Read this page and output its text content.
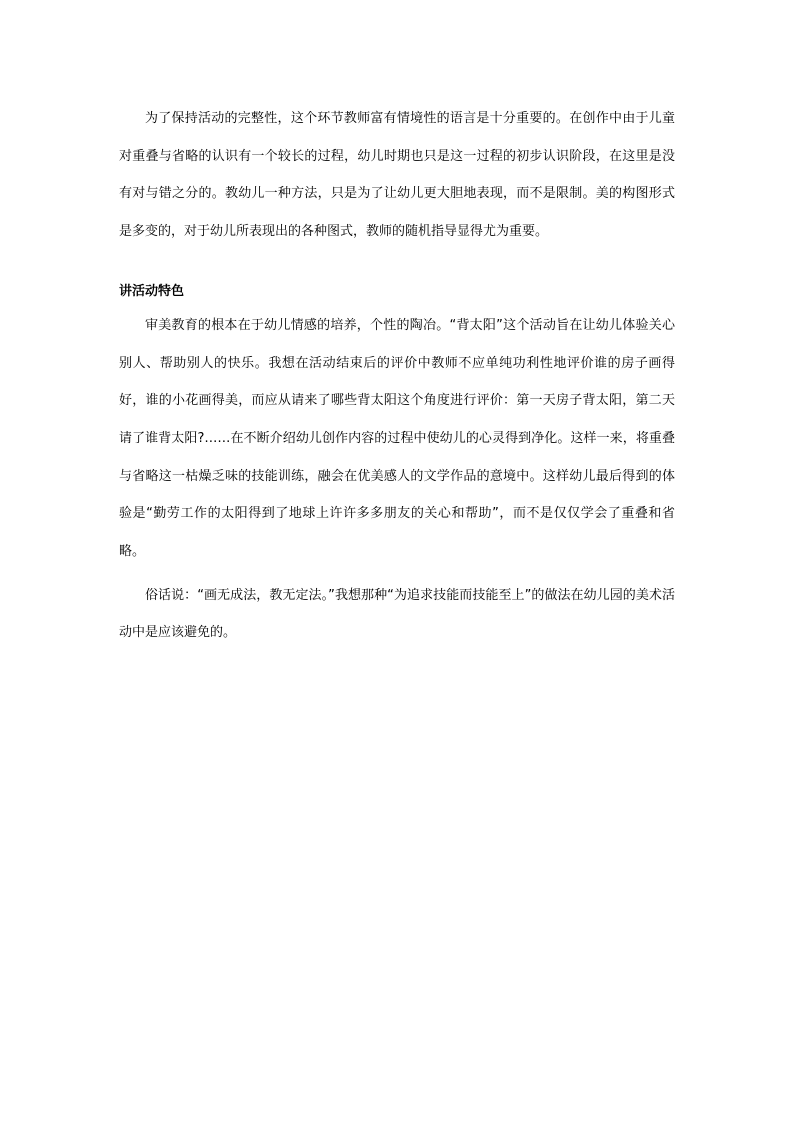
为了保持活动的完整性，这个环节教师富有情境性的语言是十分重要的。在创作中由于儿童对重叠与省略的认识有一个较长的过程，幼儿时期也只是这一过程的初步认识阶段，在这里是没有对与错之分的。教幼儿一种方法，只是为了让幼儿更大胆地表现，而不是限制。美的构图形式是多变的，对于幼儿所表现出的各种图式，教师的随机指导显得尤为重要。

讲活动特色

审美教育的根本在于幼儿情感的培养，个性的陶冶。“背太阳”这个活动旨在让幼儿体验关心别人、帮助别人的快乐。我想在活动结束后的评价中教师不应单纯功利性地评价谁的房子画得好，谁的小花画得美，而应从请来了哪些背太阳这个角度进行评价：第一天房子背太阳，第二天请了谁背太阳?……在不断介绍幼儿创作内容的过程中使幼儿的心灵得到净化。这样一来，将重叠与省略这一枯燥乏味的技能训练，融会在优美感人的文学作品的意境中。这样幼儿最后得到的体验是“勤劳工作的太阳得到了地球上许许多多朋友的关心和帮助”，而不是仅仅学会了重叠和省略。

俗话说：“画无成法，教无定法。”我想那种“为追求技能而技能至上”的做法在幼儿园的美术活动中是应该避免的。
